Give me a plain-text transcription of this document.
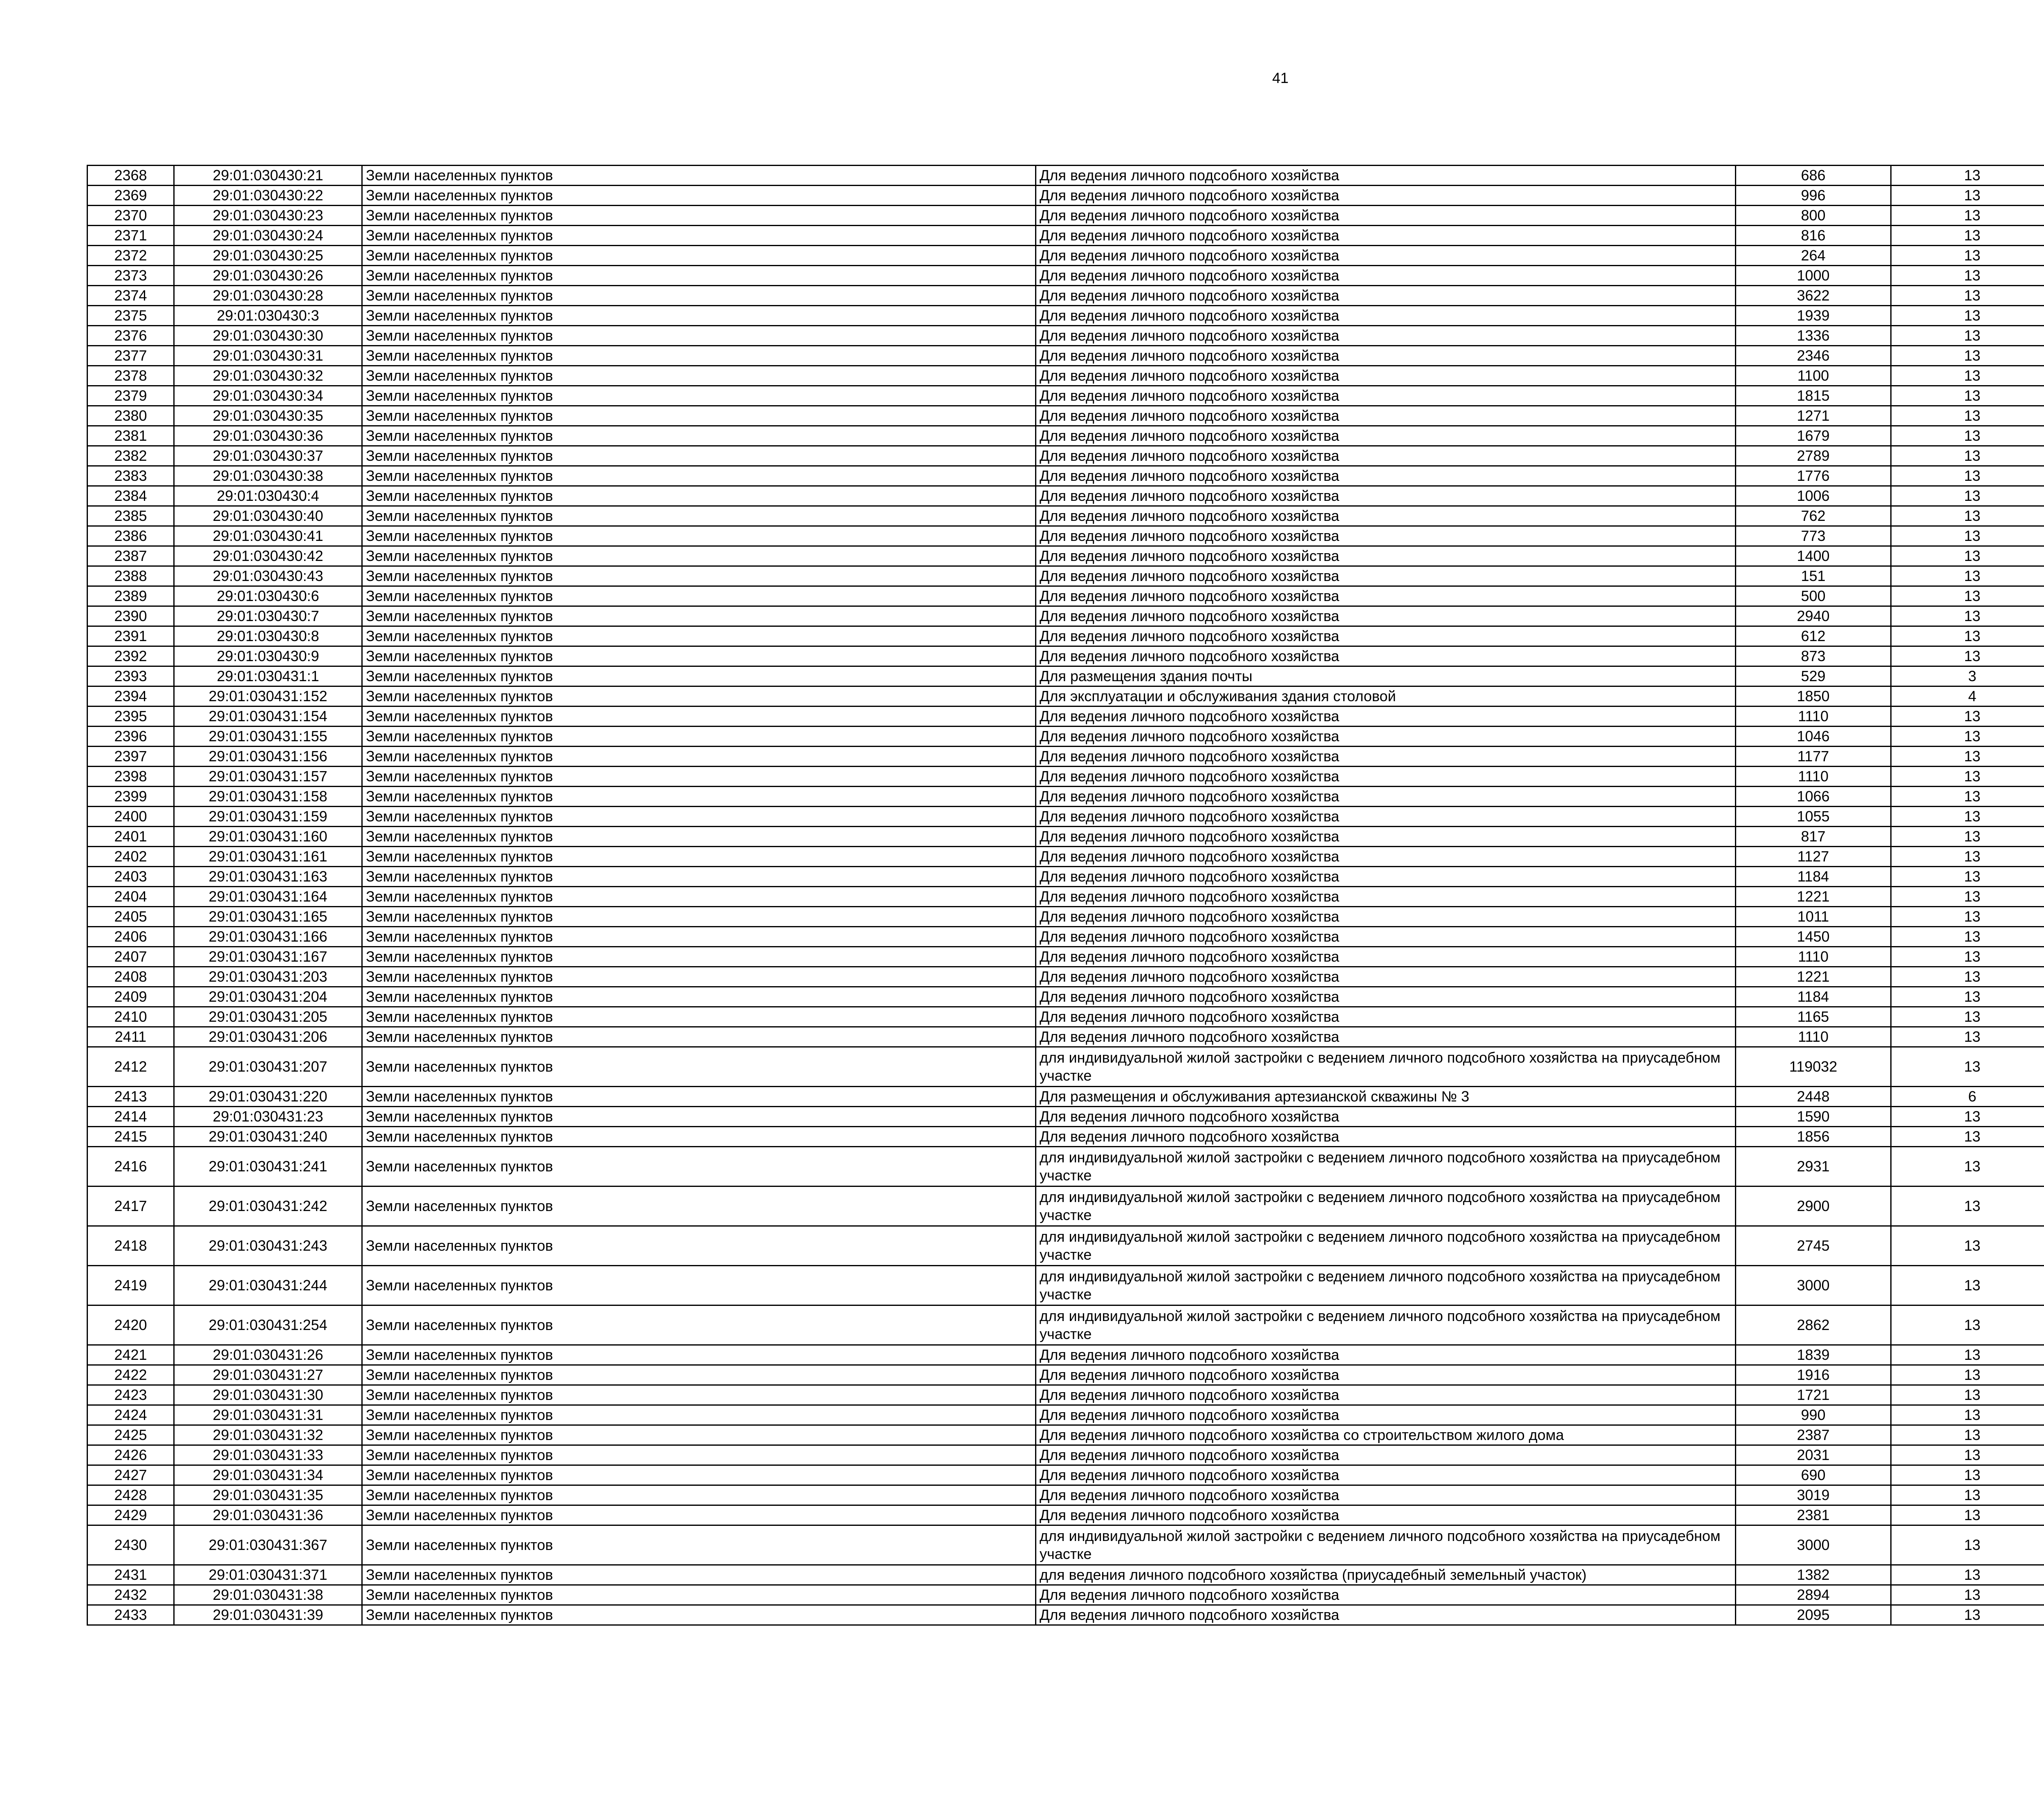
41
2368	29:01:030430:21	Земли населенных пунктов	Для ведения личного подсобного хозяйства	686	13		
2369	29:01:030430:22	Земли населенных пунктов	Для ведения личного подсобного хозяйства	996	13		
2370	29:01:030430:23	Земли населенных пунктов	Для ведения личного подсобного хозяйства	800	13		
2371	29:01:030430:24	Земли населенных пунктов	Для ведения личного подсобного хозяйства	816	13		
2372	29:01:030430:25	Земли населенных пунктов	Для ведения личного подсобного хозяйства	264	13		
2373	29:01:030430:26	Земли населенных пунктов	Для ведения личного подсобного хозяйства	1000	13		
2374	29:01:030430:28	Земли населенных пунктов	Для ведения личного подсобного хозяйства	3622	13		
2375	29:01:030430:3	Земли населенных пунктов	Для ведения личного подсобного хозяйства	1939	13		
2376	29:01:030430:30	Земли населенных пунктов	Для ведения личного подсобного хозяйства	1336	13		
2377	29:01:030430:31	Земли населенных пунктов	Для ведения личного подсобного хозяйства	2346	13		
2378	29:01:030430:32	Земли населенных пунктов	Для ведения личного подсобного хозяйства	1100	13		
2379	29:01:030430:34	Земли населенных пунктов	Для ведения личного подсобного хозяйства	1815	13		
2380	29:01:030430:35	Земли населенных пунктов	Для ведения личного подсобного хозяйства	1271	13		
2381	29:01:030430:36	Земли населенных пунктов	Для ведения личного подсобного хозяйства	1679	13		
2382	29:01:030430:37	Земли населенных пунктов	Для ведения личного подсобного хозяйства	2789	13		
2383	29:01:030430:38	Земли населенных пунктов	Для ведения личного подсобного хозяйства	1776	13		
2384	29:01:030430:4	Земли населенных пунктов	Для ведения личного подсобного хозяйства	1006	13		
2385	29:01:030430:40	Земли населенных пунктов	Для ведения личного подсобного хозяйства	762	13		
2386	29:01:030430:41	Земли населенных пунктов	Для ведения личного подсобного хозяйства	773	13		
2387	29:01:030430:42	Земли населенных пунктов	Для ведения личного подсобного хозяйства	1400	13		
2388	29:01:030430:43	Земли населенных пунктов	Для ведения личного подсобного хозяйства	151	13		
2389	29:01:030430:6	Земли населенных пунктов	Для ведения личного подсобного хозяйства	500	13		
2390	29:01:030430:7	Земли населенных пунктов	Для ведения личного подсобного хозяйства	2940	13		
2391	29:01:030430:8	Земли населенных пунктов	Для ведения личного подсобного хозяйства	612	13		
2392	29:01:030430:9	Земли населенных пунктов	Для ведения личного подсобного хозяйства	873	13		
2393	29:01:030431:1	Земли населенных пунктов	Для размещения здания почты	529	3		
2394	29:01:030431:152	Земли населенных пунктов	Для эксплуатации и обслуживания здания столовой	1850	4		
2395	29:01:030431:154	Земли населенных пунктов	Для ведения личного подсобного хозяйства	1110	13		
2396	29:01:030431:155	Земли населенных пунктов	Для ведения личного подсобного хозяйства	1046	13		
2397	29:01:030431:156	Земли населенных пунктов	Для ведения личного подсобного хозяйства	1177	13		
2398	29:01:030431:157	Земли населенных пунктов	Для ведения личного подсобного хозяйства	1110	13		
2399	29:01:030431:158	Земли населенных пунктов	Для ведения личного подсобного хозяйства	1066	13		
2400	29:01:030431:159	Земли населенных пунктов	Для ведения личного подсобного хозяйства	1055	13		
2401	29:01:030431:160	Земли населенных пунктов	Для ведения личного подсобного хозяйства	817	13		
2402	29:01:030431:161	Земли населенных пунктов	Для ведения личного подсобного хозяйства	1127	13		
2403	29:01:030431:163	Земли населенных пунктов	Для ведения личного подсобного хозяйства	1184	13		
2404	29:01:030431:164	Земли населенных пунктов	Для ведения личного подсобного хозяйства	1221	13		
2405	29:01:030431:165	Земли населенных пунктов	Для ведения личного подсобного хозяйства	1011	13		
2406	29:01:030431:166	Земли населенных пунктов	Для ведения личного подсобного хозяйства	1450	13		
2407	29:01:030431:167	Земли населенных пунктов	Для ведения личного подсобного хозяйства	1110	13		
2408	29:01:030431:203	Земли населенных пунктов	Для ведения личного подсобного хозяйства	1221	13		
2409	29:01:030431:204	Земли населенных пунктов	Для ведения личного подсобного хозяйства	1184	13		
2410	29:01:030431:205	Земли населенных пунктов	Для ведения личного подсобного хозяйства	1165	13		
2411	29:01:030431:206	Земли населенных пунктов	Для ведения личного подсобного хозяйства	1110	13		
2412	29:01:030431:207	Земли населенных пунктов	для индивидуальной жилой застройки с ведением личного подсобного хозяйства на приусадебном участке	119032	13		
2413	29:01:030431:220	Земли населенных пунктов	Для размещения и обслуживания артезианской скважины № 3	2448	6		
2414	29:01:030431:23	Земли населенных пунктов	Для ведения личного подсобного хозяйства	1590	13		
2415	29:01:030431:240	Земли населенных пунктов	Для ведения личного подсобного хозяйства	1856	13		
2416	29:01:030431:241	Земли населенных пунктов	для индивидуальной жилой застройки с ведением личного подсобного хозяйства на приусадебном участке	2931	13		
2417	29:01:030431:242	Земли населенных пунктов	для индивидуальной жилой застройки с ведением личного подсобного хозяйства на приусадебном участке	2900	13		
2418	29:01:030431:243	Земли населенных пунктов	для индивидуальной жилой застройки с ведением личного подсобного хозяйства на приусадебном участке	2745	13		
2419	29:01:030431:244	Земли населенных пунктов	для индивидуальной жилой застройки с ведением личного подсобного хозяйства на приусадебном участке	3000	13		
2420	29:01:030431:254	Земли населенных пунктов	для индивидуальной жилой застройки с ведением личного подсобного хозяйства на приусадебном участке	2862	13		
2421	29:01:030431:26	Земли населенных пунктов	Для ведения личного подсобного хозяйства	1839	13		
2422	29:01:030431:27	Земли населенных пунктов	Для ведения личного подсобного хозяйства	1916	13		
2423	29:01:030431:30	Земли населенных пунктов	Для ведения личного подсобного хозяйства	1721	13		
2424	29:01:030431:31	Земли населенных пунктов	Для ведения личного подсобного хозяйства	990	13		
2425	29:01:030431:32	Земли населенных пунктов	Для ведения личного подсобного хозяйства со строительством жилого дома	2387	13		
2426	29:01:030431:33	Земли населенных пунктов	Для ведения личного подсобного хозяйства	2031	13		
2427	29:01:030431:34	Земли населенных пунктов	Для ведения личного подсобного хозяйства	690	13		
2428	29:01:030431:35	Земли населенных пунктов	Для ведения личного подсобного хозяйства	3019	13		
2429	29:01:030431:36	Земли населенных пунктов	Для ведения личного подсобного хозяйства	2381	13		
2430	29:01:030431:367	Земли населенных пунктов	для индивидуальной жилой застройки с ведением личного подсобного хозяйства на приусадебном участке	3000	13		
2431	29:01:030431:371	Земли населенных пунктов	для ведения личного подсобного хозяйства (приусадебный земельный участок)	1382	13		
2432	29:01:030431:38	Земли населенных пунктов	Для ведения личного подсобного хозяйства	2894	13		
2433	29:01:030431:39	Земли населенных пунктов	Для ведения личного подсобного хозяйства	2095	13		
